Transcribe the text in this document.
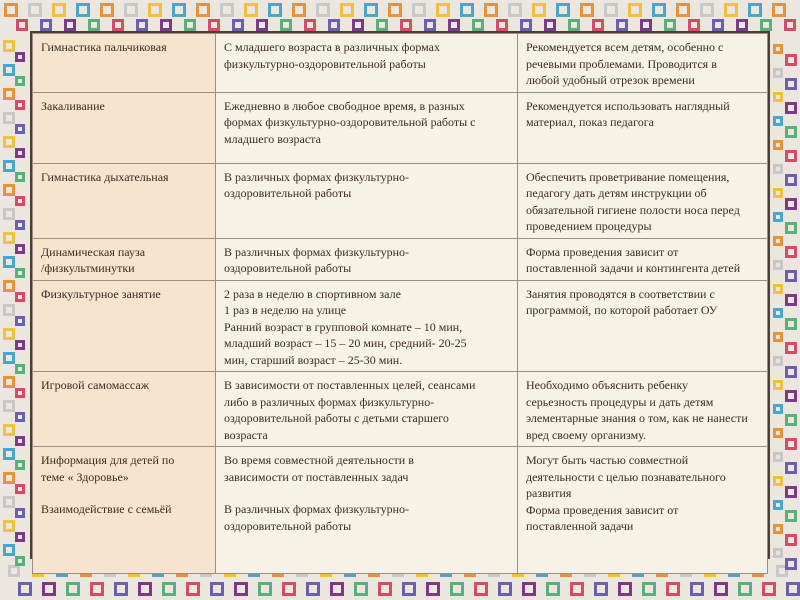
Гимнастика пальчиковая	С младшего возраста в различных формах
физкультурно-оздоровительной работы	Рекомендуется всем детям, особенно с
речевыми проблемами. Проводится в
любой удобный отрезок времени

Закаливание	Ежедневно в любое свободное время, в разных
формах физкультурно-оздоровительной работы с
младшего возраста	Рекомендуется использовать наглядный
материал, показ педагога

Гимнастика дыхательная	В различных формах физкультурно-
оздоровительной работы	Обеспечить проветривание помещения,
педагогу дать детям инструкции об
обязательной гигиене полости носа перед
проведением процедуры

Динамическая пауза
/физкультминутки	В различных формах физкультурно-
оздоровительной работы	Форма проведения зависит от
поставленной задачи и контингента детей

Физкультурное занятие	2 раза в неделю в спортивном зале
1 раз в неделю на улице
Ранний возраст в групповой комнате – 10 мин,
младший возраст – 15 – 20 мин, средний- 20-25
мин, старший возраст – 25-30 мин.	Занятия проводятся в соответствии с
программой, по которой работает ОУ

Игровой самомассаж	В зависимости от поставленных целей, сеансами
либо в различных формах физкультурно-
оздоровительной работы с детьми старшего
возраста	Необходимо объяснить ребенку
серьезность процедуры и дать детям
элементарные знания о том, как не нанести
вред своему организму.

Информация для детей по
теме « Здоровье»
Взаимодействие с семьёй	Во время совместной деятельности в
зависимости от поставленных задач
В различных формах физкультурно-
оздоровительной работы	Могут быть частью совместной
деятельности с целью познавательного
развития
Форма проведения зависит от
поставленной задачи
